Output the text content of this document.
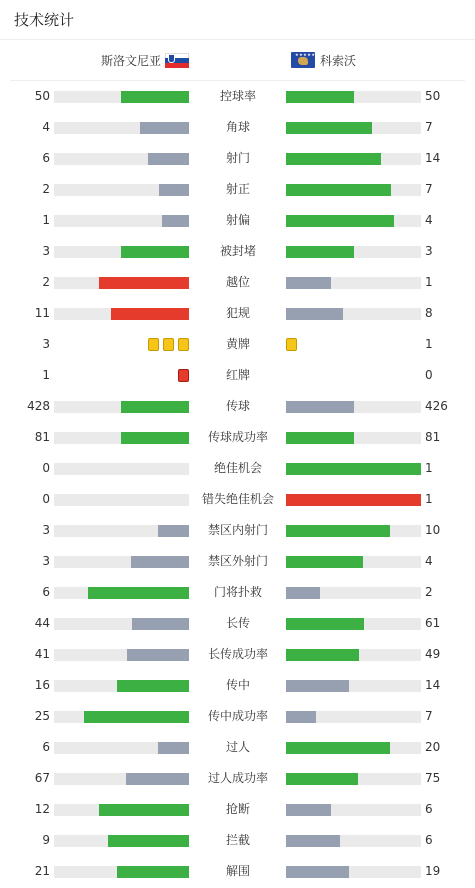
技术统计
斯洛文尼亚	★★★★★★ 科索沃
50	控球率	50
4	角球	7
6	射门	14
2	射正	7
1	射偏	4
3	被封堵	3
2	越位	1
11	犯规	8
3	黄牌	1
1	红牌	0
428	传球	426
81	传球成功率	81
0	绝佳机会	1
0	错失绝佳机会	1
3	禁区内射门	10
3	禁区外射门	4
6	门将扑救	2
44	长传	61
41	长传成功率	49
16	传中	14
25	传中成功率	7
6	过人	20
67	过人成功率	75
12	抢断	6
9	拦截	6
21	解围	19
